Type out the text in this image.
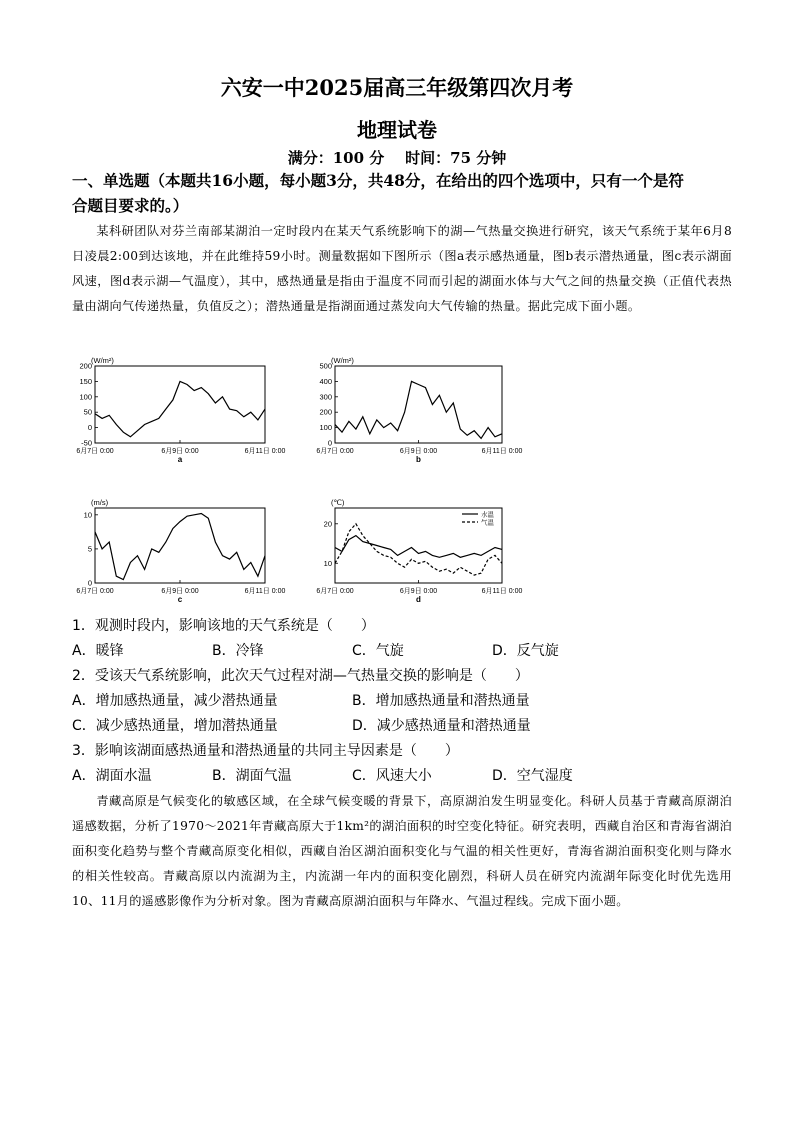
六安一中2025届高三年级第四次月考
地理试卷
满分：100 分    时间：75 分钟
一、单选题（本题共16小题，每小题3分，共48分，在给出的四个选项中，只有一个是符
合题目要求的。）
某科研团队对芬兰南部某湖泊一定时段内在某天气系统影响下的湖—气热量交换进行研究，该天气系统于某年6月8日凌晨2:00到达该地，并在此维持59小时。测量数据如下图所示（图a表示感热通量，图b表示潜热通量，图c表示湖面风速，图d表示湖—气温度），其中，感热通量是指由于温度不同而引起的湖面水体与大气之间的热量交换（正值代表热量由湖向气传递热量，负值反之）；潜热通量是指湖面通过蒸发向大气传输的热量。据此完成下面小题。
(W/m²)
200
150
100
50
0
-50
6月7日 0:00	6月9日 0:00	6月11日 0:00
a
(W/m²)
500
400
300
200
100
0
6月7日 0:00	6月9日 0:00	6月11日 0:00
b
(m/s)
10
5
0
6月7日 0:00	6月9日 0:00	6月11日 0:00
c
(℃)
20
10
6月7日 0:00	6月9日 0:00	6月11日 0:00
d
水温
气温
1．观测时段内，影响该地的天气系统是（　　）
A．暖锋	B．冷锋	C．气旋	D．反气旋
2．受该天气系统影响，此次天气过程对湖—气热量交换的影响是（　　）
A．增加感热通量，减少潜热通量	B．增加感热通量和潜热通量
C．减少感热通量，增加潜热通量	D．减少感热通量和潜热通量
3．影响该湖面感热通量和潜热通量的共同主导因素是（　　）
A．湖面水温	B．湖面气温	C．风速大小	D．空气湿度
青藏高原是气候变化的敏感区域，在全球气候变暖的背景下，高原湖泊发生明显变化。科研人员基于青藏高原湖泊遥感数据，分析了1970～2021年青藏高原大于1km²的湖泊面积的时空变化特征。研究表明，西藏自治区和青海省湖泊面积变化趋势与整个青藏高原变化相似，西藏自治区湖泊面积变化与气温的相关性更好，青海省湖泊面积变化则与降水的相关性较高。青藏高原以内流湖为主，内流湖一年内的面积变化剧烈，科研人员在研究内流湖年际变化时优先选用10、11月的遥感影像作为分析对象。图为青藏高原湖泊面积与年降水、气温过程线。完成下面小题。
